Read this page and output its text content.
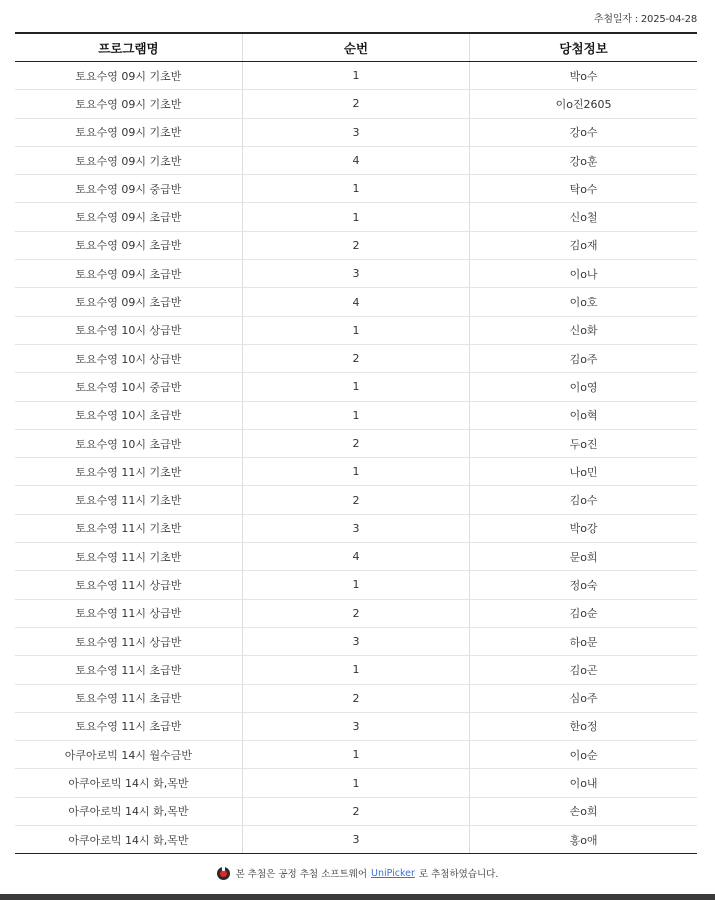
추첨일자 : 2025-04-28
프로그램명	순번	당첨정보
토요수영 09시 기초반	1	박o수
토요수영 09시 기초반	2	이o진2605
토요수영 09시 기초반	3	강o수
토요수영 09시 기초반	4	강o훈
토요수영 09시 중급반	1	탁o수
토요수영 09시 초급반	1	신o철
토요수영 09시 초급반	2	김o재
토요수영 09시 초급반	3	이o나
토요수영 09시 초급반	4	이o호
토요수영 10시 상급반	1	신o화
토요수영 10시 상급반	2	김o주
토요수영 10시 중급반	1	이o영
토요수영 10시 초급반	1	이o혁
토요수영 10시 초급반	2	두o진
토요수영 11시 기초반	1	나o민
토요수영 11시 기초반	2	김o수
토요수영 11시 기초반	3	박o강
토요수영 11시 기초반	4	문o희
토요수영 11시 상급반	1	정o숙
토요수영 11시 상급반	2	김o순
토요수영 11시 상급반	3	하o문
토요수영 11시 초급반	1	김o곤
토요수영 11시 초급반	2	심o주
토요수영 11시 초급반	3	한o정
아쿠아로빅 14시 월수금반	1	이o순
아쿠아로빅 14시 화,목반	1	이o내
아쿠아로빅 14시 화,목반	2	손o희
아쿠아로빅 14시 화,목반	3	홍o애
본 추첨은 공정 추첨 소프트웨어 UniPicker 로 추첨하였습니다.
